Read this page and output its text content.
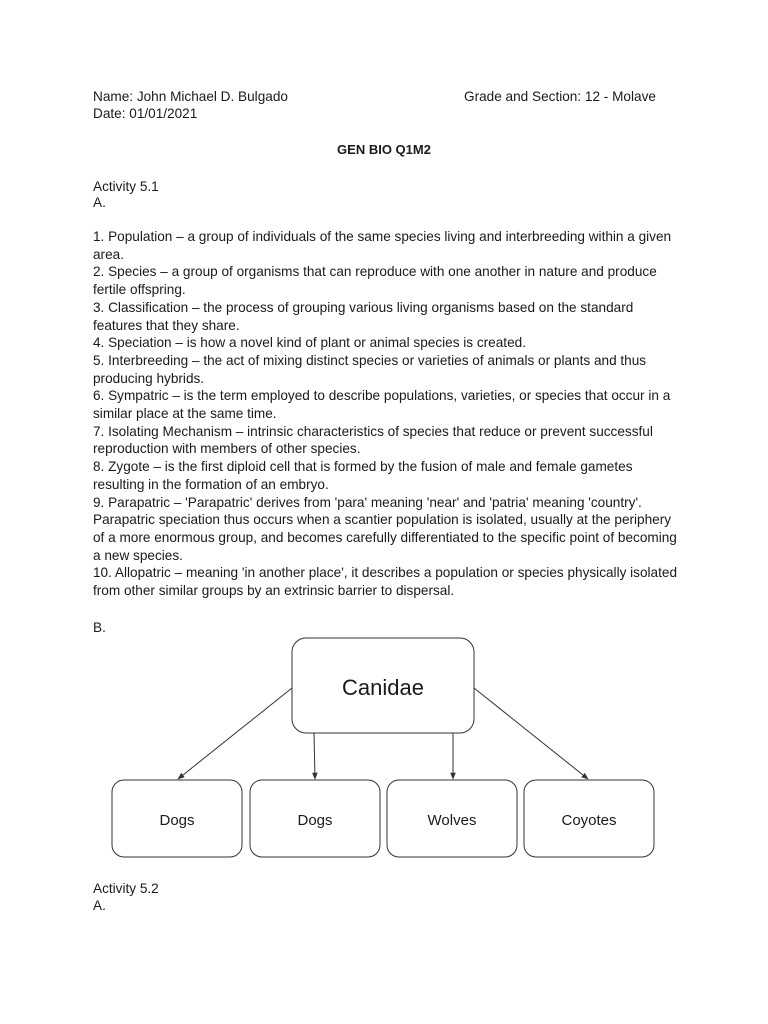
Name: John Michael D. Bulgado	Grade and Section: 12 - Molave
Date: 01/01/2021
GEN BIO Q1M2
Activity 5.1
A.

1. Population – a group of individuals of the same species living and interbreeding within a given area.

2. Species – a group of organisms that can reproduce with one another in nature and produce fertile offspring.

3. Classification – the process of grouping various living organisms based on the standard features that they share.

4. Speciation – is how a novel kind of plant or animal species is created.

5. Interbreeding – the act of mixing distinct species or varieties of animals or plants and thus producing hybrids.

6. Sympatric – is the term employed to describe populations, varieties, or species that occur in a similar place at the same time.

7. Isolating Mechanism – intrinsic characteristics of species that reduce or prevent successful reproduction with members of other species.

8. Zygote – is the first diploid cell that is formed by the fusion of male and female gametes resulting in the formation of an embryo.

9. Parapatric – 'Parapatric' derives from 'para' meaning 'near' and 'patria' meaning 'country'. Parapatric speciation thus occurs when a scantier population is isolated, usually at the periphery of a more enormous group, and becomes carefully differentiated to the specific point of becoming a new species.

10. Allopatric – meaning 'in another place', it describes a population or species physically isolated from other similar groups by an extrinsic barrier to dispersal.

B.
Canidae
Dogs	Dogs	Wolves	Coyotes
Activity 5.2
A.
